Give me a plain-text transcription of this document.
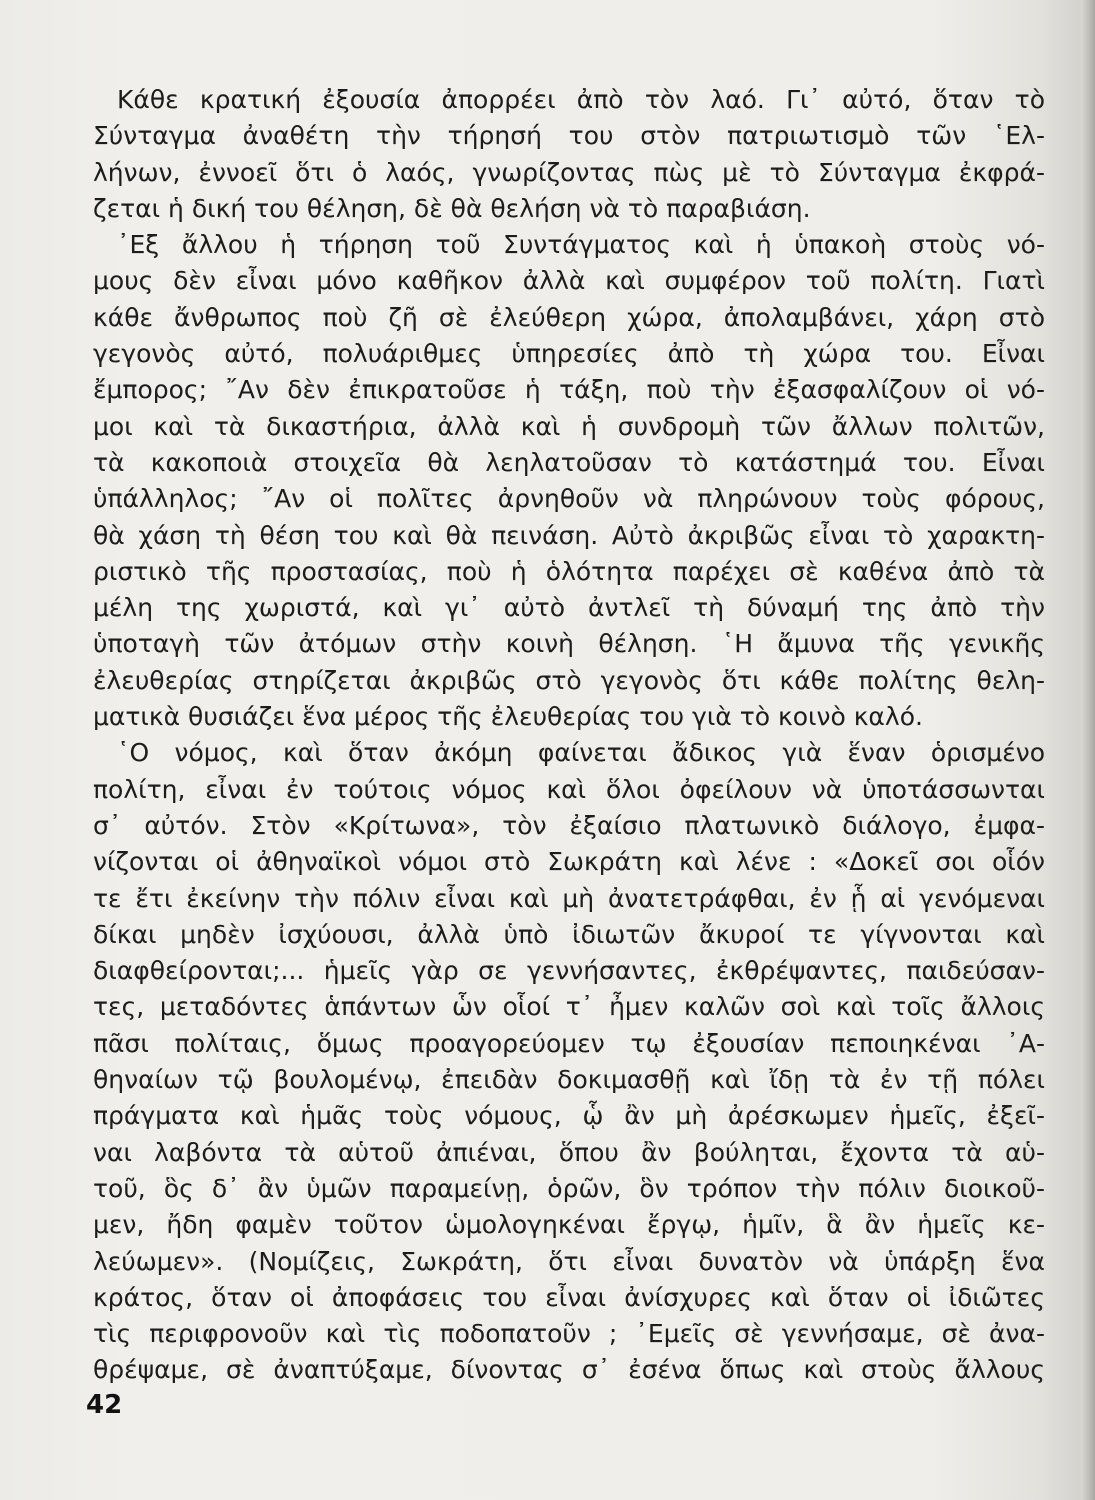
Κάθε κρατική ἐξουσία ἀπορρέει ἀπὸ τὸν λαό. Γι᾿ αὐτό, ὅταν τὸ
Σύνταγμα ἀναθέτη τὴν τήρησή του στὸν πατριωτισμὸ τῶν ῾Ελ-
λήνων, ἐννοεῖ ὅτι ὁ λαός, γνωρίζοντας πὼς μὲ τὸ Σύνταγμα ἐκφρά-
ζεται ἡ δική του θέληση, δὲ θὰ θελήση νὰ τὸ παραβιάση.
᾿Εξ ἄλλου ἡ τήρηση τοῦ Συντάγματος καὶ ἡ ὑπακοὴ στοὺς νό-
μους δὲν εἶναι μόνο καθῆκον ἀλλὰ καὶ συμφέρον τοῦ πολίτη. Γιατὶ
κάθε ἄνθρωπος ποὺ ζῆ σὲ ἐλεύθερη χώρα, ἀπολαμβάνει, χάρη στὸ
γεγονὸς αὐτό, πολυάριθμες ὑπηρεσίες ἀπὸ τὴ χώρα του. Εἶναι
ἔμπορος; ῎Αν δὲν ἐπικρατοῦσε ἡ τάξη, ποὺ τὴν ἐξασφαλίζουν οἱ νό-
μοι καὶ τὰ δικαστήρια, ἀλλὰ καὶ ἡ συνδρομὴ τῶν ἄλλων πολιτῶν,
τὰ κακοποιὰ στοιχεῖα θὰ λεηλατοῦσαν τὸ κατάστημά του. Εἶναι
ὑπάλληλος; ῎Αν οἱ πολῖτες ἀρνηθοῦν νὰ πληρώνουν τοὺς φόρους,
θὰ χάση τὴ θέση του καὶ θὰ πεινάση. Αὐτὸ ἀκριβῶς εἶναι τὸ χαρακτη-
ριστικὸ τῆς προστασίας, ποὺ ἡ ὁλότητα παρέχει σὲ καθένα ἀπὸ τὰ
μέλη της χωριστά, καὶ γι᾿ αὐτὸ ἀντλεῖ τὴ δύναμή της ἀπὸ τὴν
ὑποταγὴ τῶν ἀτόμων στὴν κοινὴ θέληση. ῾Η ἄμυνα τῆς γενικῆς
ἐλευθερίας στηρίζεται ἀκριβῶς στὸ γεγονὸς ὅτι κάθε πολίτης θελη-
ματικὰ θυσιάζει ἕνα μέρος τῆς ἐλευθερίας του γιὰ τὸ κοινὸ καλό.
῾Ο νόμος, καὶ ὅταν ἀκόμη φαίνεται ἄδικος γιὰ ἕναν ὁρισμένο
πολίτη, εἶναι ἐν τούτοις νόμος καὶ ὅλοι ὀφείλουν νὰ ὑποτάσσωνται
σ᾿ αὐτόν. Στὸν «Κρίτωνα», τὸν ἐξαίσιο πλατωνικὸ διάλογο, ἐμφα-
νίζονται οἱ ἀθηναϊκοὶ νόμοι στὸ Σωκράτη καὶ λένε : «Δοκεῖ σοι οἷόν
τε ἔτι ἐκείνην τὴν πόλιν εἶναι καὶ μὴ ἀνατετράφθαι, ἐν ᾗ αἱ γενόμεναι
δίκαι μηδὲν ἰσχύουσι, ἀλλὰ ὑπὸ ἰδιωτῶν ἄκυροί τε γίγνονται καὶ
διαφθείρονται;... ἡμεῖς γὰρ σε γεννήσαντες, ἐκθρέψαντες, παιδεύσαν-
τες, μεταδόντες ἁπάντων ὧν οἷοί τ᾿ ἦμεν καλῶν σοὶ καὶ τοῖς ἄλλοις
πᾶσι πολίταις, ὅμως προαγορεύομεν τῳ ἐξουσίαν πεποιηκέναι ᾿Α-
θηναίων τῷ βουλομένῳ, ἐπειδὰν δοκιμασθῇ καὶ ἴδῃ τὰ ἐν τῇ πόλει
πράγματα καὶ ἡμᾶς τοὺς νόμους, ᾧ ἂν μὴ ἀρέσκωμεν ἡμεῖς, ἐξεῖ-
ναι λαβόντα τὰ αὑτοῦ ἀπιέναι, ὅπου ἂν βούληται, ἔχοντα τὰ αὑ-
τοῦ, ὃς δ᾿ ἂν ὑμῶν παραμείνῃ, ὁρῶν, ὃν τρόπον τὴν πόλιν διοικοῦ-
μεν, ἤδη φαμὲν τοῦτον ὡμολογηκέναι ἔργῳ, ἡμῖν, ἃ ἂν ἡμεῖς κε-
λεύωμεν». (Νομίζεις, Σωκράτη, ὅτι εἶναι δυνατὸν νὰ ὑπάρξη ἕνα
κράτος, ὅταν οἱ ἀποφάσεις του εἶναι ἀνίσχυρες καὶ ὅταν οἱ ἰδιῶτες
τὶς περιφρονοῦν καὶ τὶς ποδοπατοῦν ; ᾿Εμεῖς σὲ γεννήσαμε, σὲ ἀνα-
θρέψαμε, σὲ ἀναπτύξαμε, δίνοντας σ᾿ ἐσένα ὅπως καὶ στοὺς ἄλλους
42
